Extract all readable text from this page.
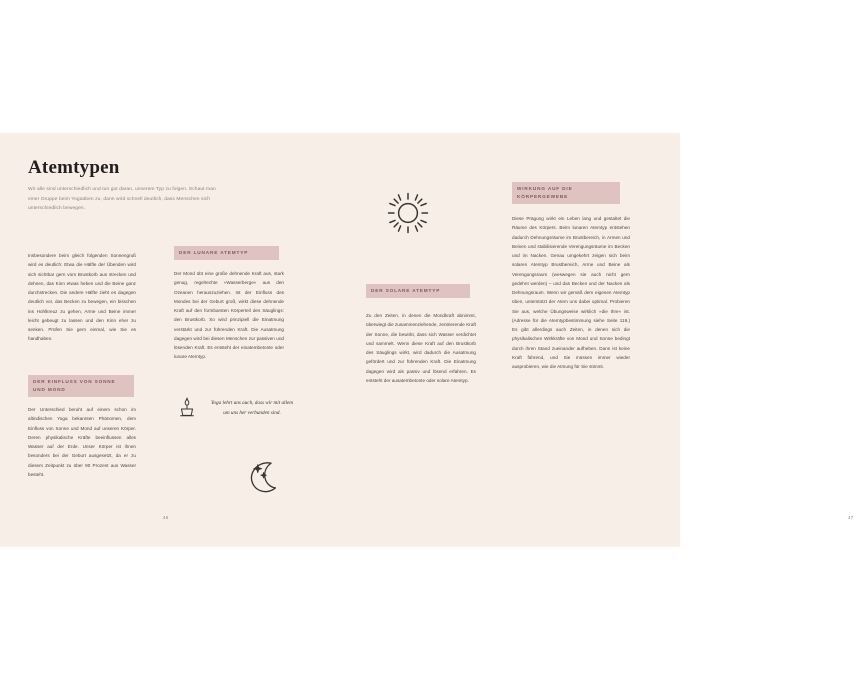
Atemtypen
Wir alle sind unterschiedlich und tun gut daran, unserem Typ zu folgen. Schaut man einer Gruppe beim Yogaüben zu, dann wird schnell deutlich, dass Menschen sich unterschiedlich bewegen.
Insbesondere beim gleich folgenden Sonnengruß wird es deutlich: Etwa die Hälfte der Übenden wird sich sichtbar gern vom Brustkorb aus strecken und dehnen, das Kinn etwas heben und die Beine ganz durchstrecken. Die andere Hälfte zieht es dagegen deutlich vor, das Becken zu bewegen, ein bisschen ins Hohlkreuz zu gehen, Arme und Beine immer leicht gebeugt zu lassen und den Kinn eher zu senken. Prüfen Sie gern einmal, wie Sie es handhaben.
DER EINFLUSS VON SONNE UND MOND
Der Unterschied beruht auf einem schon im altindischen Yoga bekannten Phänomen, dem Einfluss von Sonne und Mond auf unseren Körper. Deren physikalische Kräfte beeinflussen alles Wasser auf der Erde. Unser Körper ist ihnen besonders bei der Geburt ausgesetzt, da er zu diesem Zeitpunkt zu über 90 Prozent aus Wasser besteht.
DER LUNARE ATEMTYP
Der Mond übt eine große dehnende Kraft aus, stark genug, regelrechte »Wasserberge« aus den Ozeanen herauszuziehen. Ist der Einfluss des Mondes bei der Geburt groß, wirkt diese dehnende Kraft auf den formbarsten Körperteil des Säuglings: den Brustkorb. So wird prinzipiell die Einatmung verstärkt und zur führenden Kraft. Die Ausatmung dagegen wird bei diesen Menschen zur passiven und lösenden Kraft. Es entsteht der einatembetonte oder lunare Atemtyp.
Yoga lehrt uns auch, dass wir mit allem um uns her verbunden sind.
46
DER SOLARE ATEMTYP
Zu den Zeiten, in denen die Mondkraft abnimmt, überwiegt die zusammenziehende, zentrierende Kraft der Sonne, die bewirkt, dass sich Wasser verdichtet und sammelt. Wenn diese Kraft auf den Brustkorb des Säuglings wirkt, wird dadurch die Ausatmung gefördert und zur führenden Kraft. Die Einatmung dagegen wird als passiv und lösend erfahren. Es entsteht der ausatembetonte oder solare Atemtyp.
WIRKUNG AUF DIE KÖRPERGEWEBE
Diese Prägung wirkt ein Leben lang und gestaltet die Räume des Körpers. Beim lunaren Atemtyp entstehen dadurch Dehnungsräume im Brustbereich, in Armen und Beinen und stabilisierende Verengungsräume im Becken und im Nacken. Genau umgekehrt zeigen sich beim solaren Atemtyp Brustbereich, Arme und Beine als Verengungsraum (weswegen sie auch nicht gern gedehnt werden) – und das Becken und der Nacken als Dehnungsraum. Wenn wir gemäß dem eigenen Atemtyp üben, unterstützt der Atem uns dabei optimal. Probieren Sie aus, welche Übungsweise wirklich »die Ihre« ist. (Adresse für die Atemtypbestimmung siehe Seite 119.) Es gibt allerdings auch Zeiten, in denen sich die physikalischen Wirkkräfte von Mond und Sonne bedingt durch ihren Stand zueinander aufheben. Dann ist keine Kraft führend, und Sie müssen immer wieder ausprobieren, wie die Atmung für Sie stimmt.
47
